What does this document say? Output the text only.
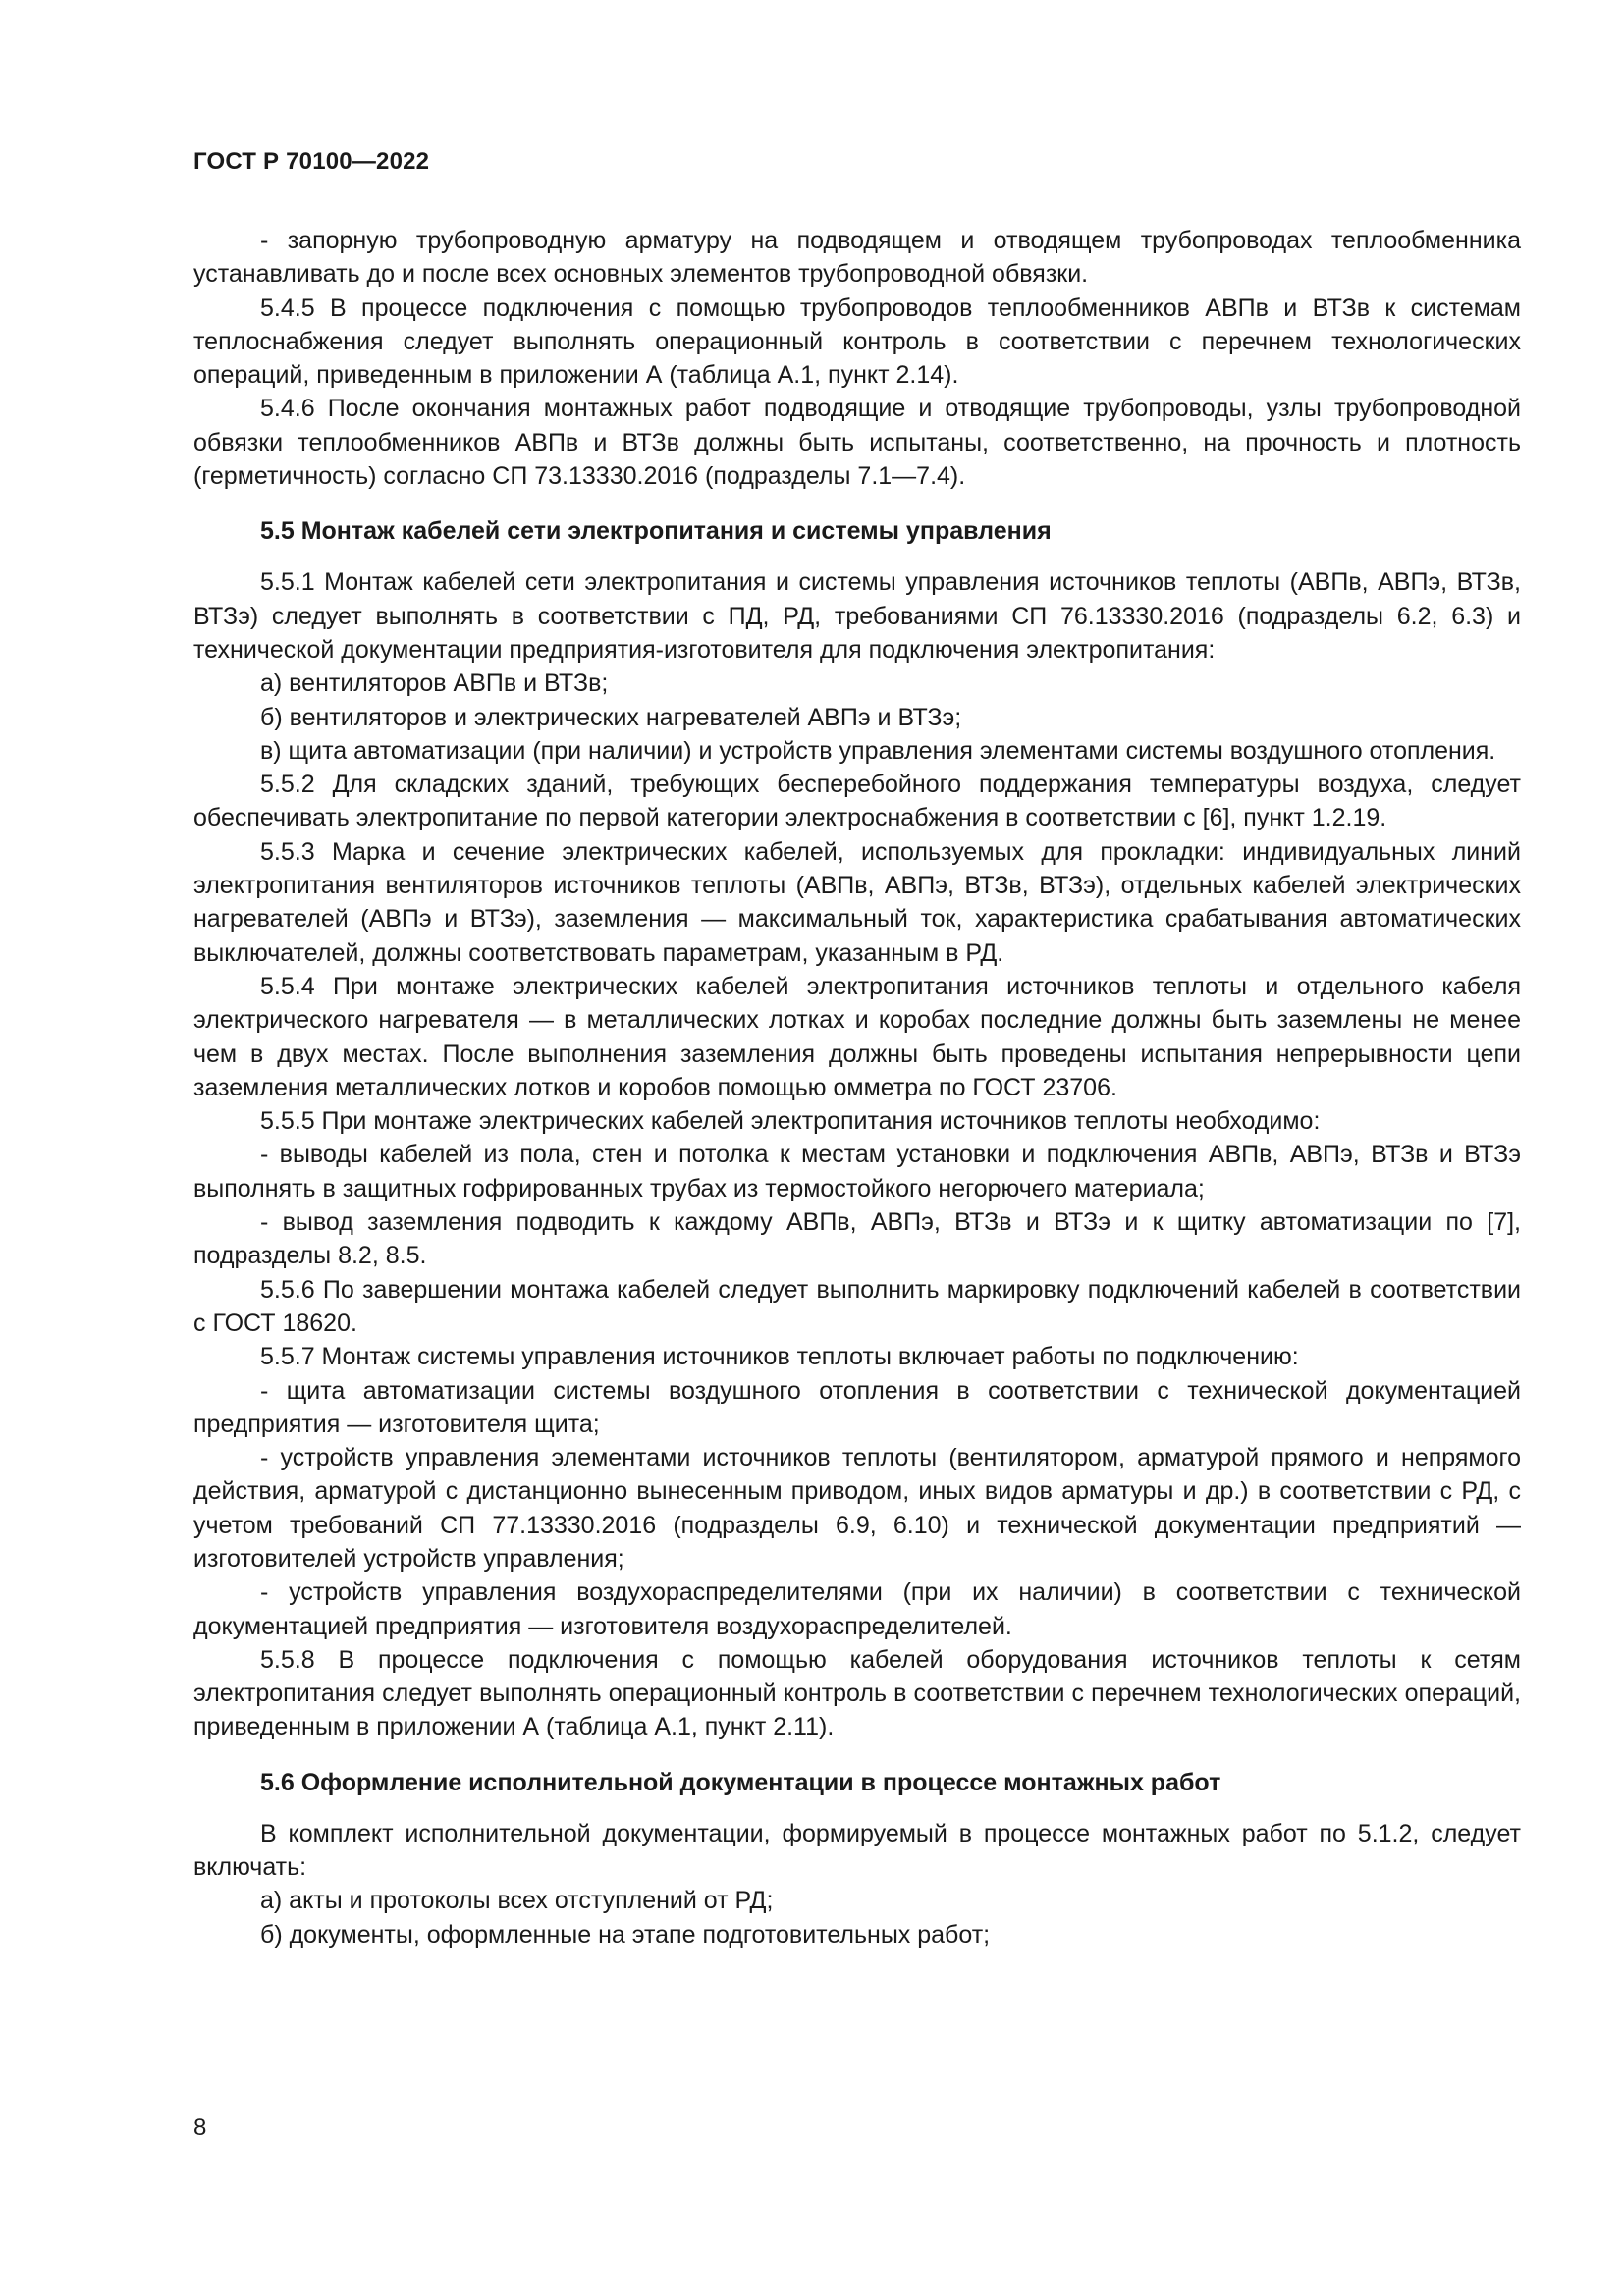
ГОСТ Р 70100—2022

- запорную трубопроводную арматуру на подводящем и отводящем трубопроводах теплообменника устанавливать до и после всех основных элементов трубопроводной обвязки.

5.4.5 В процессе подключения с помощью трубопроводов теплообменников АВПв и ВТЗв к системам теплоснабжения следует выполнять операционный контроль в соответствии с перечнем технологических операций, приведенным в приложении А (таблица А.1, пункт 2.14).

5.4.6 После окончания монтажных работ подводящие и отводящие трубопроводы, узлы трубопроводной обвязки теплообменников АВПв и ВТЗв должны быть испытаны, соответственно, на прочность и плотность (герметичность) согласно СП 73.13330.2016 (подразделы 7.1—7.4).

5.5 Монтаж кабелей сети электропитания и системы управления

5.5.1 Монтаж кабелей сети электропитания и системы управления источников теплоты (АВПв, АВПэ, ВТЗв, ВТЗэ) следует выполнять в соответствии с ПД, РД, требованиями СП 76.13330.2016 (подразделы 6.2, 6.3) и технической документации предприятия-изготовителя для подключения электропитания:

а) вентиляторов АВПв и ВТЗв;

б) вентиляторов и электрических нагревателей АВПэ и ВТЗэ;

в) щита автоматизации (при наличии) и устройств управления элементами системы воздушного отопления.

5.5.2 Для складских зданий, требующих бесперебойного поддержания температуры воздуха, следует обеспечивать электропитание по первой категории электроснабжения в соответствии с [6], пункт 1.2.19.

5.5.3 Марка и сечение электрических кабелей, используемых для прокладки: индивидуальных линий электропитания вентиляторов источников теплоты (АВПв, АВПэ, ВТЗв, ВТЗэ), отдельных кабелей электрических нагревателей (АВПэ и ВТЗэ), заземления — максимальный ток, характеристика срабатывания автоматических выключателей, должны соответствовать параметрам, указанным в РД.

5.5.4 При монтаже электрических кабелей электропитания источников теплоты и отдельного кабеля электрического нагревателя — в металлических лотках и коробах последние должны быть заземлены не менее чем в двух местах. После выполнения заземления должны быть проведены испытания непрерывности цепи заземления металлических лотков и коробов помощью омметра по ГОСТ 23706.

5.5.5 При монтаже электрических кабелей электропитания источников теплоты необходимо:

- выводы кабелей из пола, стен и потолка к местам установки и подключения АВПв, АВПэ, ВТЗв и ВТЗэ выполнять в защитных гофрированных трубах из термостойкого негорючего материала;

- вывод заземления подводить к каждому АВПв, АВПэ, ВТЗв и ВТЗэ и к щитку автоматизации по [7], подразделы 8.2, 8.5.

5.5.6 По завершении монтажа кабелей следует выполнить маркировку подключений кабелей в соответствии с ГОСТ 18620.

5.5.7 Монтаж системы управления источников теплоты включает работы по подключению:

- щита автоматизации системы воздушного отопления в соответствии с технической документацией предприятия — изготовителя щита;

- устройств управления элементами источников теплоты (вентилятором, арматурой прямого и непрямого действия, арматурой с дистанционно вынесенным приводом, иных видов арматуры и др.) в соответствии с РД, с учетом требований СП 77.13330.2016 (подразделы 6.9, 6.10) и технической документации предприятий — изготовителей устройств управления;

- устройств управления воздухораспределителями (при их наличии) в соответствии с технической документацией предприятия — изготовителя воздухораспределителей.

5.5.8 В процессе подключения с помощью кабелей оборудования источников теплоты к сетям электропитания следует выполнять операционный контроль в соответствии с перечнем технологических операций, приведенным в приложении А (таблица А.1, пункт 2.11).

5.6 Оформление исполнительной документации в процессе монтажных работ

В комплект исполнительной документации, формируемый в процессе монтажных работ по 5.1.2, следует включать:

а) акты и протоколы всех отступлений от РД;

б) документы, оформленные на этапе подготовительных работ;

8
